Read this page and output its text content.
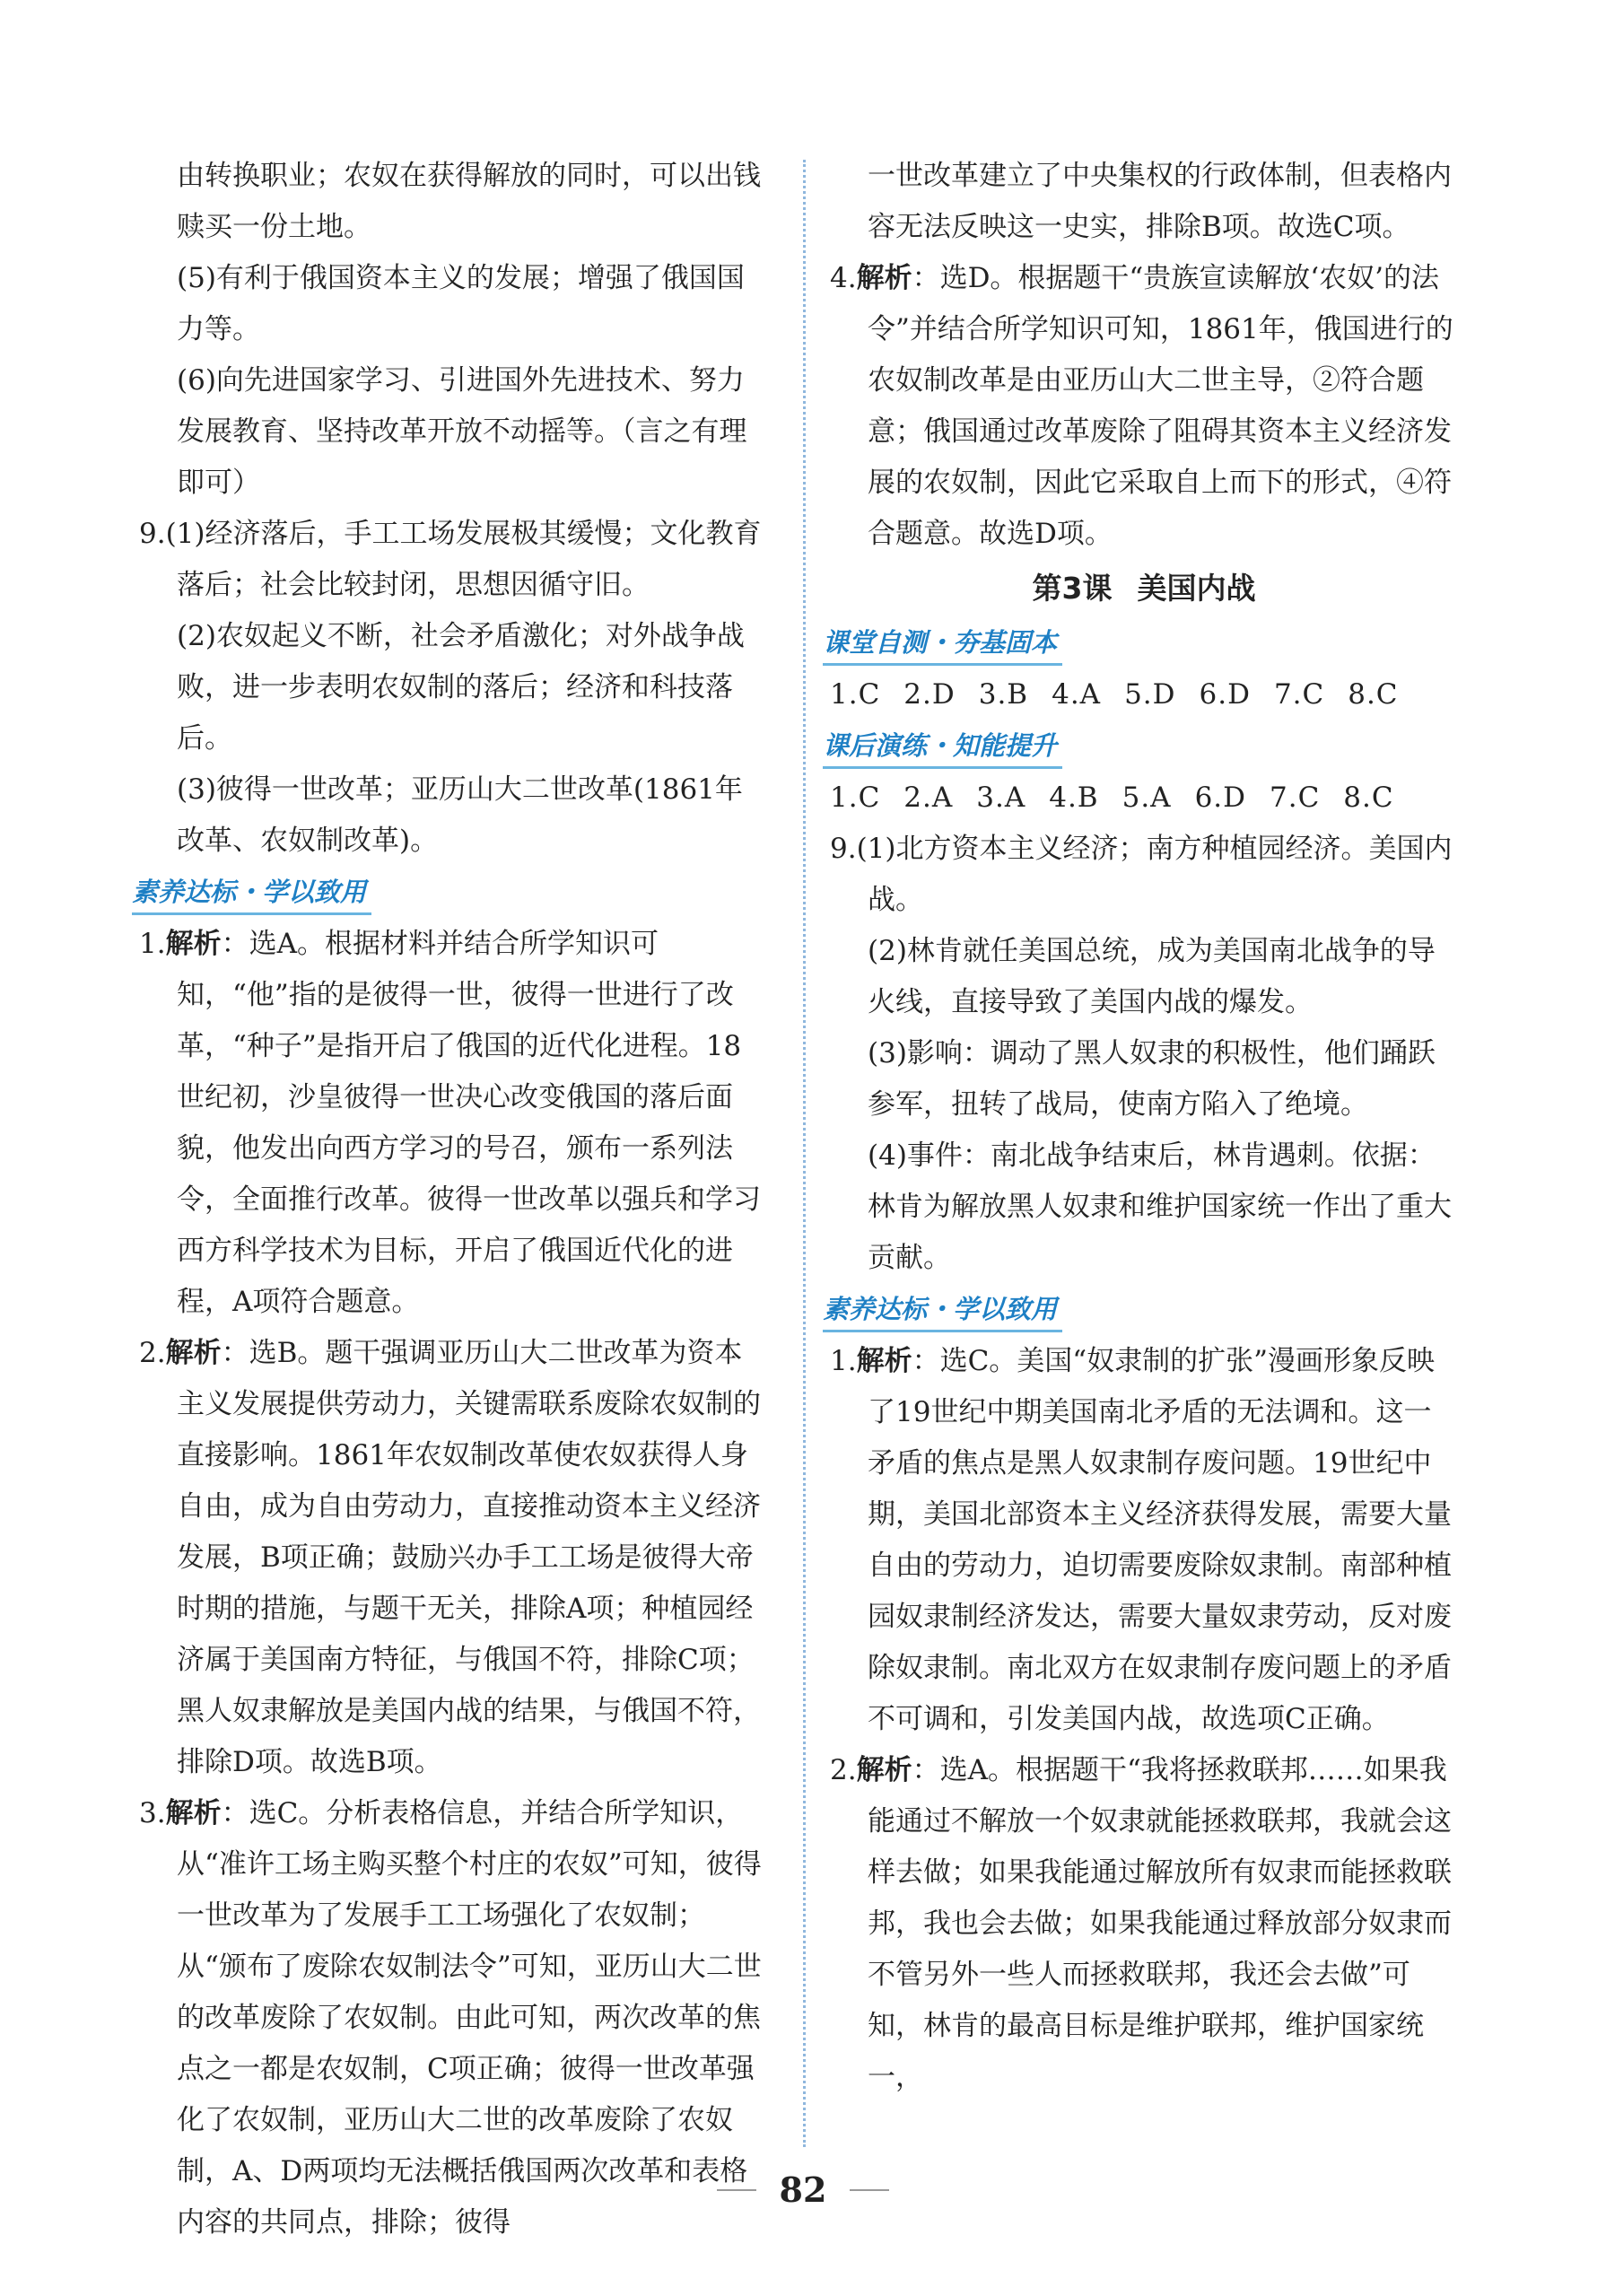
由转换职业；农奴在获得解放的同时，可以出钱赎买一份土地。

(5)有利于俄国资本主义的发展；增强了俄国国力等。

(6)向先进国家学习、引进国外先进技术、努力发展教育、坚持改革开放不动摇等。（言之有理即可）

9.(1)经济落后，手工工场发展极其缓慢；文化教育落后；社会比较封闭，思想因循守旧。

(2)农奴起义不断，社会矛盾激化；对外战争战败，进一步表明农奴制的落后；经济和科技落后。

(3)彼得一世改革；亚历山大二世改革(1861年改革、农奴制改革)。

素养达标・学以致用

1.解析：选A。根据材料并结合所学知识可知，“他”指的是彼得一世，彼得一世进行了改革，“种子”是指开启了俄国的近代化进程。18世纪初，沙皇彼得一世决心改变俄国的落后面貌，他发出向西方学习的号召，颁布一系列法令，全面推行改革。彼得一世改革以强兵和学习西方科学技术为目标，开启了俄国近代化的进程，A项符合题意。

2.解析：选B。题干强调亚历山大二世改革为资本主义发展提供劳动力，关键需联系废除农奴制的直接影响。1861年农奴制改革使农奴获得人身自由，成为自由劳动力，直接推动资本主义经济发展，B项正确；鼓励兴办手工工场是彼得大帝时期的措施，与题干无关，排除A项；种植园经济属于美国南方特征，与俄国不符，排除C项；黑人奴隶解放是美国内战的结果，与俄国不符，排除D项。故选B项。

3.解析：选C。分析表格信息，并结合所学知识，从“准许工场主购买整个村庄的农奴”可知，彼得一世改革为了发展手工工场强化了农奴制；从“颁布了废除农奴制法令”可知，亚历山大二世的改革废除了农奴制。由此可知，两次改革的焦点之一都是农奴制，C项正确；彼得一世改革强化了农奴制，亚历山大二世的改革废除了农奴制，A、D两项均无法概括俄国两次改革和表格内容的共同点，排除；彼得

一世改革建立了中央集权的行政体制，但表格内容无法反映这一史实，排除B项。故选C项。

4.解析：选D。根据题干“贵族宣读解放‘农奴’的法令”并结合所学知识可知，1861年，俄国进行的农奴制改革是由亚历山大二世主导，②符合题意；俄国通过改革废除了阻碍其资本主义经济发展的农奴制，因此它采取自上而下的形式，④符合题意。故选D项。

第3课 美国内战
课堂自测・夯基固本
1.C 2.D 3.B 4.A 5.D 6.D 7.C 8.C
课后演练・知能提升
1.C 2.A 3.A 4.B 5.A 6.D 7.C 8.C

9.(1)北方资本主义经济；南方种植园经济。美国内战。

(2)林肯就任美国总统，成为美国南北战争的导火线，直接导致了美国内战的爆发。

(3)影响：调动了黑人奴隶的积极性，他们踊跃参军，扭转了战局，使南方陷入了绝境。

(4)事件：南北战争结束后，林肯遇刺。依据：林肯为解放黑人奴隶和维护国家统一作出了重大贡献。

素养达标・学以致用

1.解析：选C。美国“奴隶制的扩张”漫画形象反映了19世纪中期美国南北矛盾的无法调和。这一矛盾的焦点是黑人奴隶制存废问题。19世纪中期，美国北部资本主义经济获得发展，需要大量自由的劳动力，迫切需要废除奴隶制。南部种植园奴隶制经济发达，需要大量奴隶劳动，反对废除奴隶制。南北双方在奴隶制存废问题上的矛盾不可调和，引发美国内战，故选项C正确。

2.解析：选A。根据题干“我将拯救联邦……如果我能通过不解放一个奴隶就能拯救联邦，我就会这样去做；如果我能通过解放所有奴隶而能拯救联邦，我也会去做；如果我能通过释放部分奴隶而不管另外一些人而拯救联邦，我还会去做”可知，林肯的最高目标是维护联邦，维护国家统一，

82
